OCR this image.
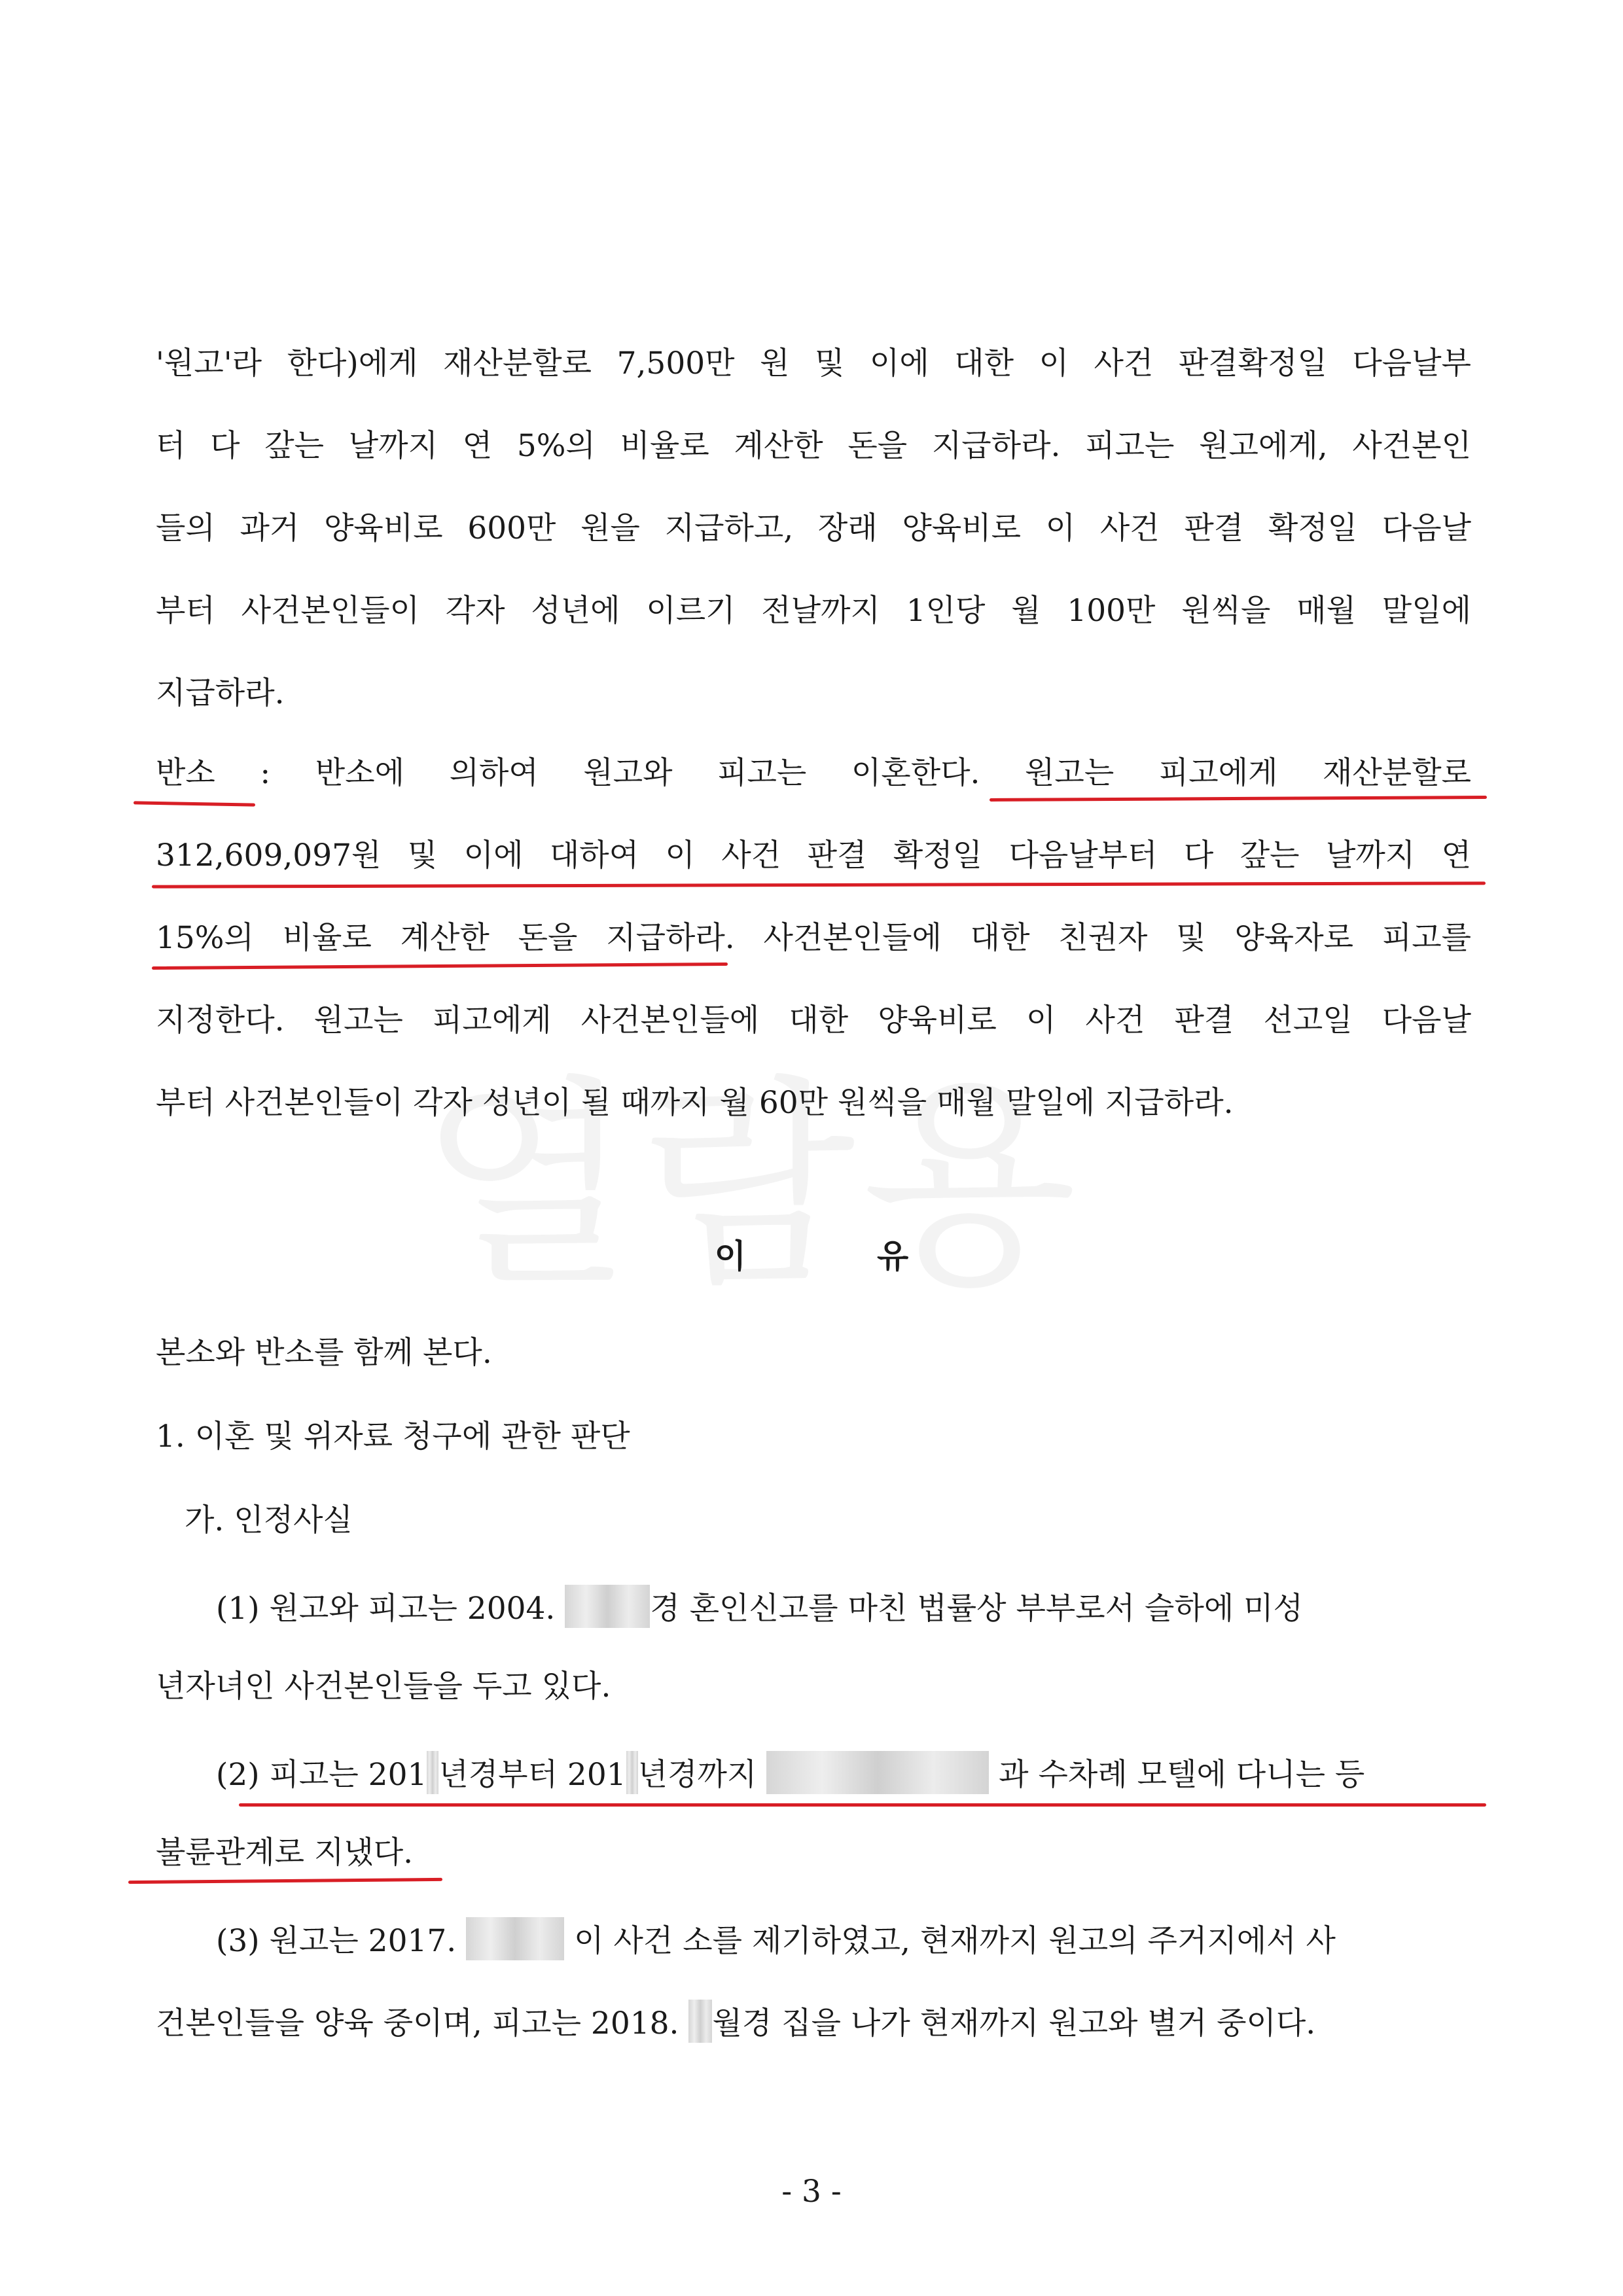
'원고'라 한다)에게 재산분할로 7,500만 원 및 이에 대한 이 사건 판결확정일 다음날부
터 다 갚는 날까지 연 5%의 비율로 계산한 돈을 지급하라. 피고는 원고에게, 사건본인
들의 과거 양육비로 600만 원을 지급하고, 장래 양육비로 이 사건 판결 확정일 다음날
부터 사건본인들이 각자 성년에 이르기 전날까지 1인당 월 100만 원씩을 매월 말일에
지급하라.
반소 : 반소에 의하여 원고와 피고는 이혼한다. 원고는 피고에게 재산분할로
312,609,097원 및 이에 대하여 이 사건 판결 확정일 다음날부터 다 갚는 날까지 연
15%의 비율로 계산한 돈을 지급하라. 사건본인들에 대한 친권자 및 양육자로 피고를
지정한다. 원고는 피고에게 사건본인들에 대한 양육비로 이 사건 판결 선고일 다음날
부터 사건본인들이 각자 성년이 될 때까지 월 60만 원씩을 매월 말일에 지급하라.
이	유
본소와 반소를 함께 본다.
1. 이혼 및 위자료 청구에 관한 판단
가. 인정사실
(1) 원고와 피고는 2004.	경 혼인신고를 마친 법률상 부부로서 슬하에 미성
년자녀인 사건본인들을 두고 있다.
(2) 피고는 201 년경부터 201 년경까지	과 수차례 모텔에 다니는 등
불륜관계로 지냈다.
(3) 원고는 2017.	이 사건 소를 제기하였고, 현재까지 원고의 주거지에서 사
건본인들을 양육 중이며, 피고는 2018. 월경 집을 나가 현재까지 원고와 별거 중이다.
- 3 -
